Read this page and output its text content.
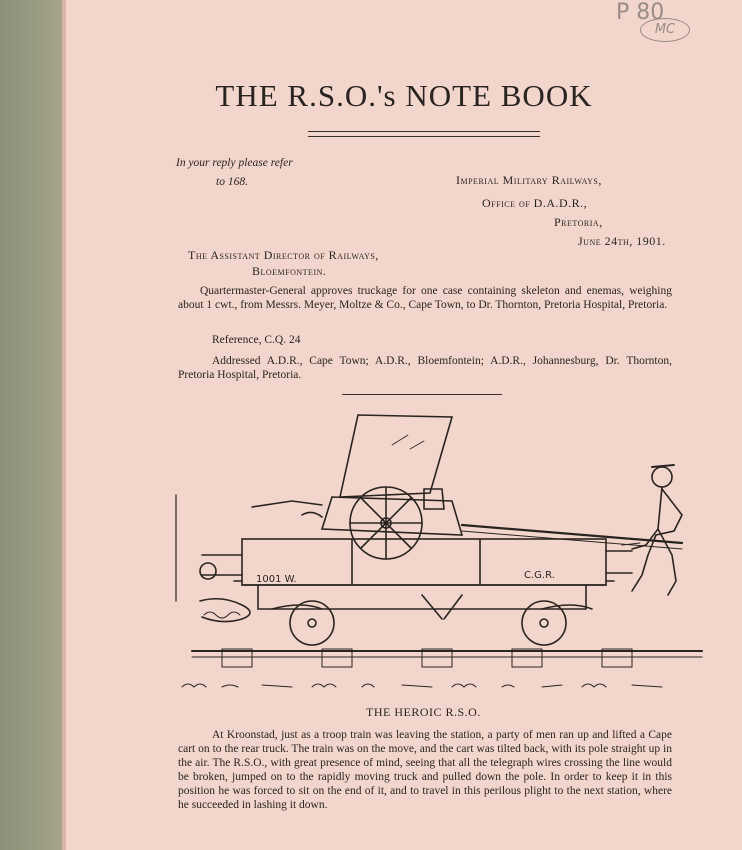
P 80
MC
THE R.S.O.'s NOTE BOOK
In your reply please refer
to 168.	Imperial Military Railways,
Office of D.A.D.R.,
Pretoria,
June 24th, 1901.
The Assistant Director of Railways,
Bloemfontein.
Quartermaster-General approves truckage for one case containing skeleton and enemas, weighing about 1 cwt., from Messrs. Meyer, Moltze & Co., Cape Town, to Dr. Thornton, Pretoria Hospital, Pretoria.
Reference, C.Q. 24
Addressed A.D.R., Cape Town; A.D.R., Bloemfontein; A.D.R., Johannesburg, Dr. Thornton, Pretoria Hospital, Pretoria.
1001 W.	C.G.R.
THE HEROIC R.S.O.
At Kroonstad, just as a troop train was leaving the station, a party of men ran up and lifted a Cape cart on to the rear truck. The train was on the move, and the cart was tilted back, with its pole straight up in the air. The R.S.O., with great presence of mind, seeing that all the telegraph wires crossing the line would be broken, jumped on to the rapidly moving truck and pulled down the pole. In order to keep it in this position he was forced to sit on the end of it, and to travel in this perilous plight to the next station, where he succeeded in lashing it down.
